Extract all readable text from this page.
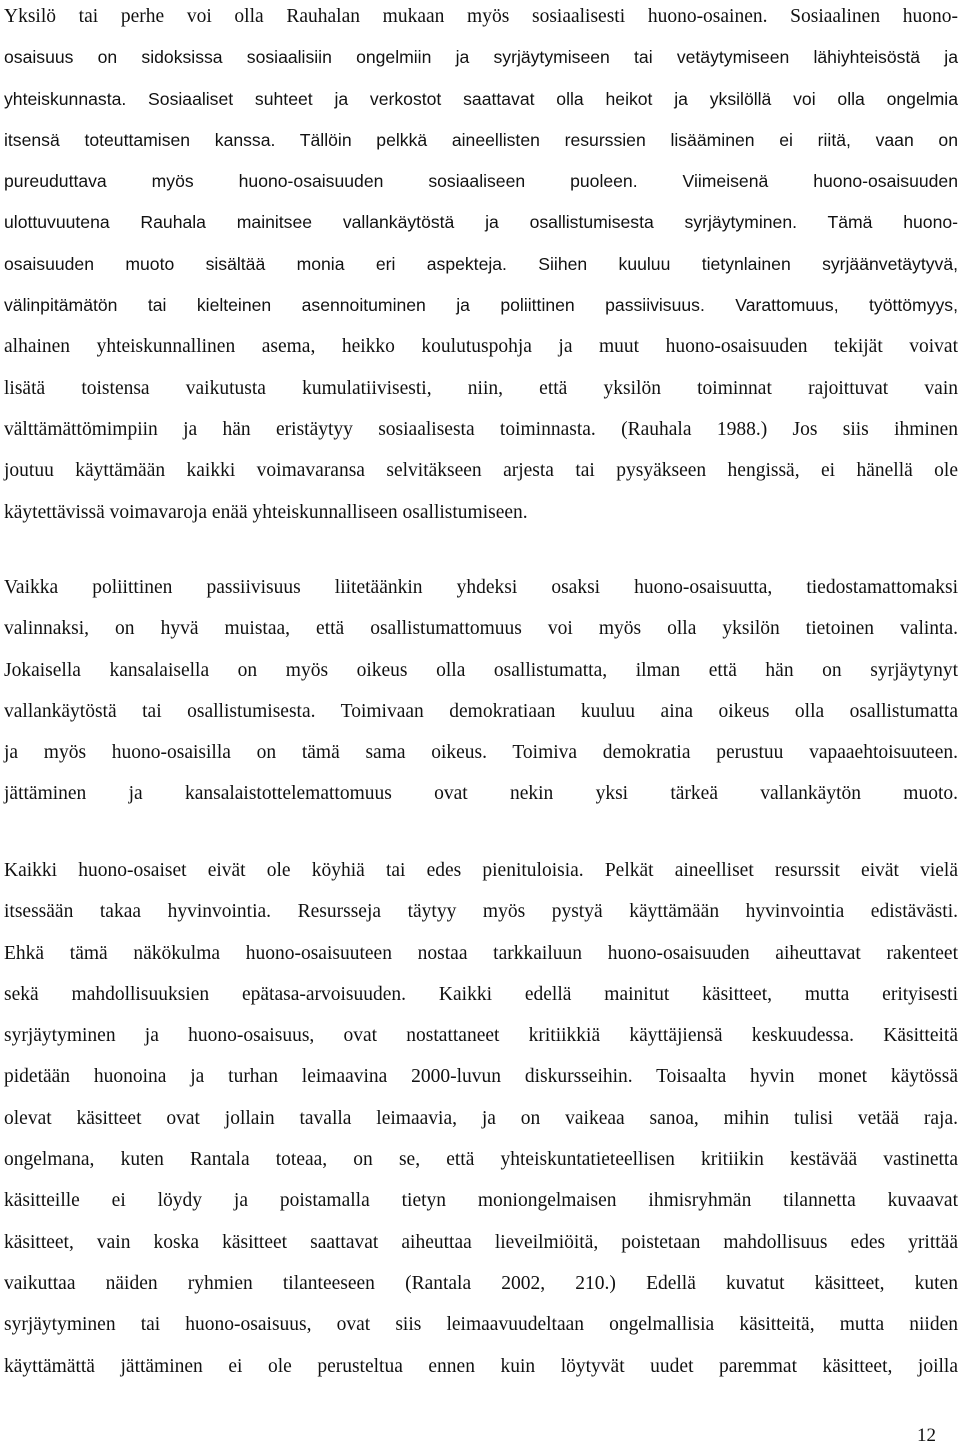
Yksilö tai perhe voi olla Rauhalan mukaan myös sosiaalisesti huono-osainen. Sosiaalinen huono-
osaisuus on sidoksissa sosiaalisiin ongelmiin ja syrjäytymiseen tai vetäytymiseen lähiyhteisöstä ja
yhteiskunnasta. Sosiaaliset suhteet ja verkostot saattavat olla heikot ja yksilöllä voi olla ongelmia
itsensä toteuttamisen kanssa. Tällöin pelkkä aineellisten resurssien lisääminen ei riitä, vaan on
pureuduttava myös huono-osaisuuden sosiaaliseen puoleen. Viimeisenä huono-osaisuuden
ulottuvuutena Rauhala mainitsee vallankäytöstä ja osallistumisesta syrjäytyminen. Tämä huono-
osaisuuden muoto sisältää monia eri aspekteja. Siihen kuuluu tietynlainen syrjäänvetäytyvä,
välinpitämätön tai kielteinen asennoituminen ja poliittinen passiivisuus. Varattomuus, työttömyys,
alhainen yhteiskunnallinen asema, heikko koulutuspohja ja muut huono-osaisuuden tekijät voivat
lisätä toistensa vaikutusta kumulatiivisesti, niin, että yksilön toiminnat rajoittuvat vain
välttämättömimpiin ja hän eristäytyy sosiaalisesta toiminnasta. (Rauhala 1988.) Jos siis ihminen
joutuu käyttämään kaikki voimavaransa selvitäkseen arjesta tai pysyäkseen hengissä, ei hänellä ole
käytettävissä voimavaroja enää yhteiskunnalliseen osallistumiseen.
Vaikka poliittinen passiivisuus liitetäänkin yhdeksi osaksi huono-osaisuutta, tiedostamattomaksi
valinnaksi, on hyvä muistaa, että osallistumattomuus voi myös olla yksilön tietoinen valinta.
Jokaisella kansalaisella on myös oikeus olla osallistumatta, ilman että hän on syrjäytynyt
vallankäytöstä tai osallistumisesta. Toimivaan demokratiaan kuuluu aina oikeus olla osallistumatta
ja myös huono-osaisilla on tämä sama oikeus. Toimiva demokratia perustuu vapaaehtoisuuteen.
jättäminen ja kansalaistottelemattomuus ovat nekin yksi tärkeä vallankäytön muoto.
Kaikki huono-osaiset eivät ole köyhiä tai edes pienituloisia. Pelkät aineelliset resurssit eivät vielä
itsessään takaa hyvinvointia. Resursseja täytyy myös pystyä käyttämään hyvinvointia edistävästi.
Ehkä tämä näkökulma huono-osaisuuteen nostaa tarkkailuun huono-osaisuuden aiheuttavat rakenteet
sekä mahdollisuuksien epätasa-arvoisuuden. Kaikki edellä mainitut käsitteet, mutta erityisesti
syrjäytyminen ja huono-osaisuus, ovat nostattaneet kritiikkiä käyttäjiensä keskuudessa. Käsitteitä
pidetään huonoina ja turhan leimaavina 2000-luvun diskursseihin. Toisaalta hyvin monet käytössä
olevat käsitteet ovat jollain tavalla leimaavia, ja on vaikeaa sanoa, mihin tulisi vetää raja.
ongelmana, kuten Rantala toteaa, on se, että yhteiskuntatieteellisen kritiikin kestävää vastinetta
käsitteille ei löydy ja poistamalla tietyn moniongelmaisen ihmisryhmän tilannetta kuvaavat
käsitteet, vain koska käsitteet saattavat aiheuttaa lieveilmiöitä, poistetaan mahdollisuus edes yrittää
vaikuttaa näiden ryhmien tilanteeseen (Rantala 2002, 210.) Edellä kuvatut käsitteet, kuten
syrjäytyminen tai huono-osaisuus, ovat siis leimaavuudeltaan ongelmallisia käsitteitä, mutta niiden
käyttämättä jättäminen ei ole perusteltua ennen kuin löytyvät uudet paremmat käsitteet, joilla
12
